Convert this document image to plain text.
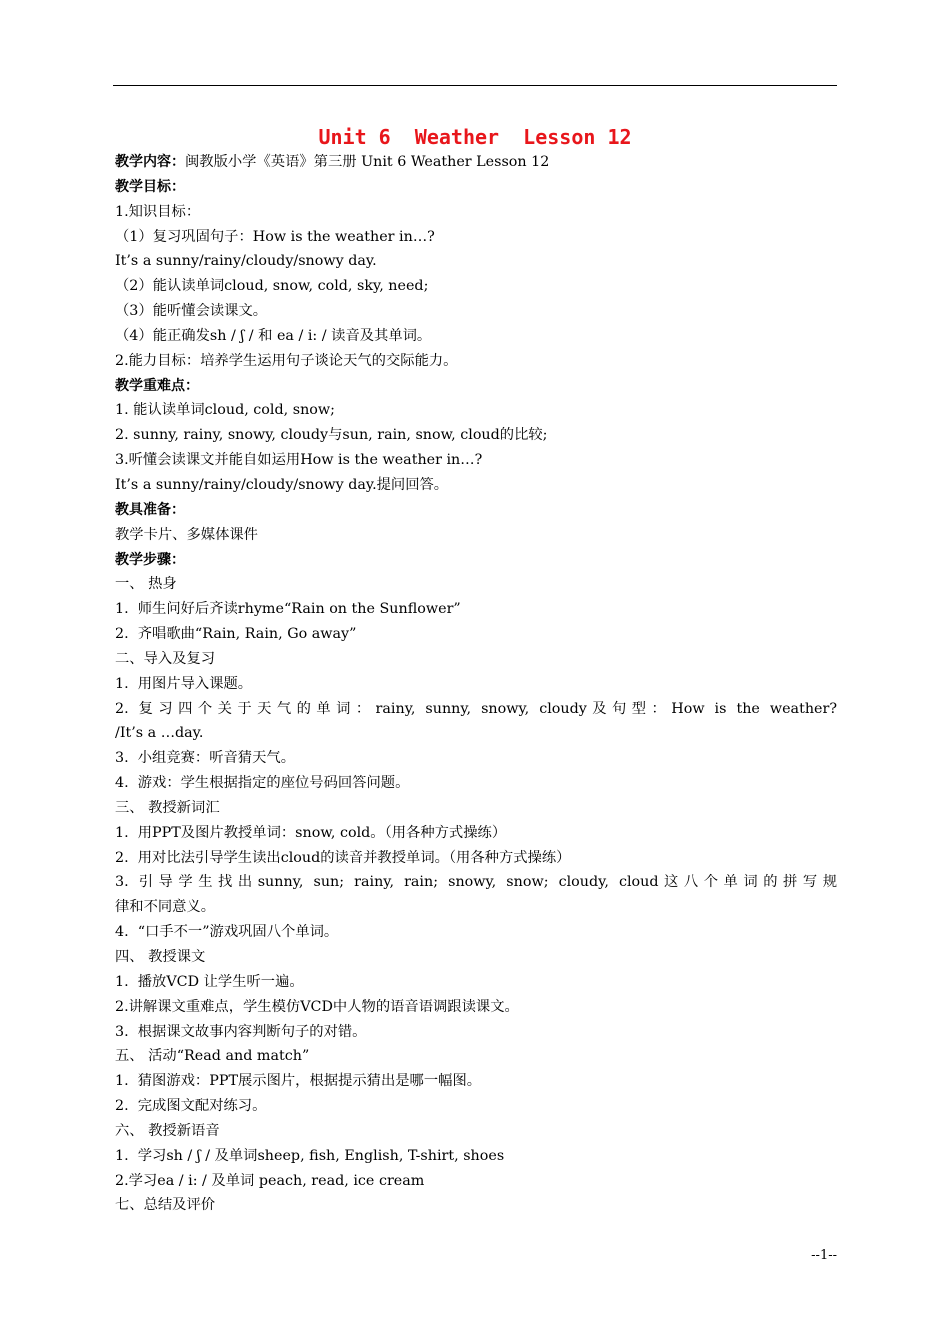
Unit 6  Weather  Lesson 12
教学内容：闽教版小学《英语》第三册 Unit 6 Weather Lesson 12
教学目标：
1.知识目标：
（1）复习巩固句子：How is the weather in…?
It’s a sunny/rainy/cloudy/snowy day.
（2）能认读单词cloud, snow, cold, sky, need;
（3）能听懂会读课文。
（4）能正确发sh / ʃ / 和 ea / i: / 读音及其单词。
2.能力目标：培养学生运用句子谈论天气的交际能力。
教学重难点：
1. 能认读单词cloud, cold, snow;
2. sunny, rainy, snowy, cloudy与sun, rain, snow, cloud的比较;
3.听懂会读课文并能自如运用How is the weather in…?
It’s a sunny/rainy/cloudy/snowy day.提问回答。
教具准备：
教学卡片、多媒体课件
教学步骤：
一、 热身
1.  师生问好后齐读rhyme“Rain on the Sunflower”
2.  齐唱歌曲“Rain, Rain, Go away”
二、导入及复习
1.  用图片导入课题。
2. 复习四个关于天气的单词：rainy, sunny, snowy, cloudy及句型：How is the weather?
/It’s a …day.
3.  小组竞赛：听音猜天气。
4.  游戏：学生根据指定的座位号码回答问题。
三、 教授新词汇
1.  用PPT及图片教授单词：snow, cold。（用各种方式操练）
2.  用对比法引导学生读出cloud的读音并教授单词。（用各种方式操练）
3. 引导学生找出sunny, sun; rainy, rain; snowy, snow; cloudy, cloud这八个单词的拼写规
律和不同意义。
4.  “口手不一”游戏巩固八个单词。
四、 教授课文
1.  播放VCD 让学生听一遍。
2.讲解课文重难点，学生模仿VCD中人物的语音语调跟读课文。
3.  根据课文故事内容判断句子的对错。
五、 活动“Read and match”
1.  猜图游戏：PPT展示图片，根据提示猜出是哪一幅图。
2.  完成图文配对练习。
六、 教授新语音
1.  学习sh / ʃ / 及单词sheep, fish, English, T-shirt, shoes
2.学习ea / i: / 及单词 peach, read, ice cream
七、总结及评价
--1--
